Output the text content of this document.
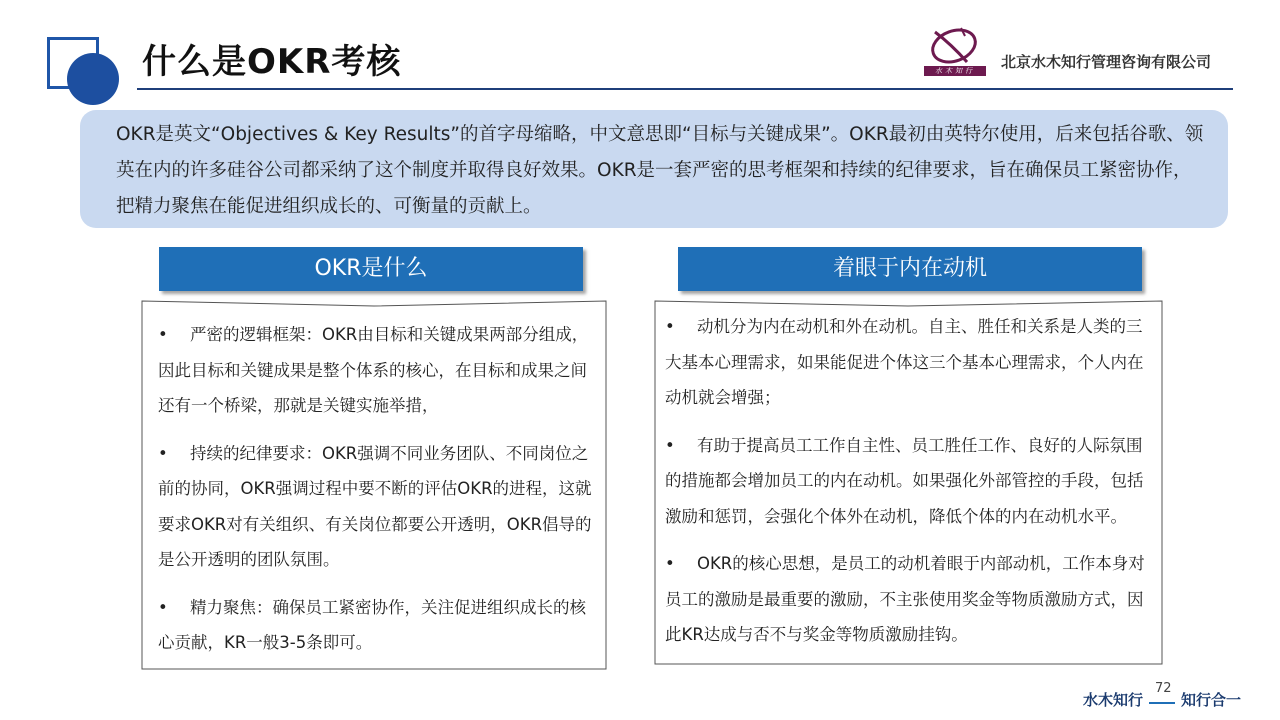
什么是OKR考核	水木知行	北京水木知行管理咨询有限公司

OKR是英文“Objectives & Key Results”的首字母缩略，中文意思即“目标与关键成果”。OKR最初由英特尔使用，后来包括谷歌、领英在内的许多硅谷公司都采纳了这个制度并取得良好效果。OKR是一套严密的思考框架和持续的纪律要求，旨在确保员工紧密协作，把精力聚焦在能促进组织成长的、可衡量的贡献上。

OKR是什么
• 严密的逻辑框架：OKR由目标和关键成果两部分组成，因此目标和关键成果是整个体系的核心，在目标和成果之间还有一个桥梁，那就是关键实施举措，
• 持续的纪律要求：OKR强调不同业务团队、不同岗位之前的协同，OKR强调过程中要不断的评估OKR的进程，这就要求OKR对有关组织、有关岗位都要公开透明，OKR倡导的是公开透明的团队氛围。
• 精力聚焦：确保员工紧密协作，关注促进组织成长的核心贡献，KR一般3-5条即可。
着眼于内在动机
• 动机分为内在动机和外在动机。自主、胜任和关系是人类的三大基本心理需求，如果能促进个体这三个基本心理需求，个人内在动机就会增强；
• 有助于提高员工工作自主性、员工胜任工作、良好的人际氛围的措施都会增加员工的内在动机。如果强化外部管控的手段，包括激励和惩罚，会强化个体外在动机，降低个体的内在动机水平。
• OKR的核心思想，是员工的动机着眼于内部动机，工作本身对员工的激励是最重要的激励，不主张使用奖金等物质激励方式，因此KR达成与否不与奖金等物质激励挂钩。
水木知行	知行合一
72
